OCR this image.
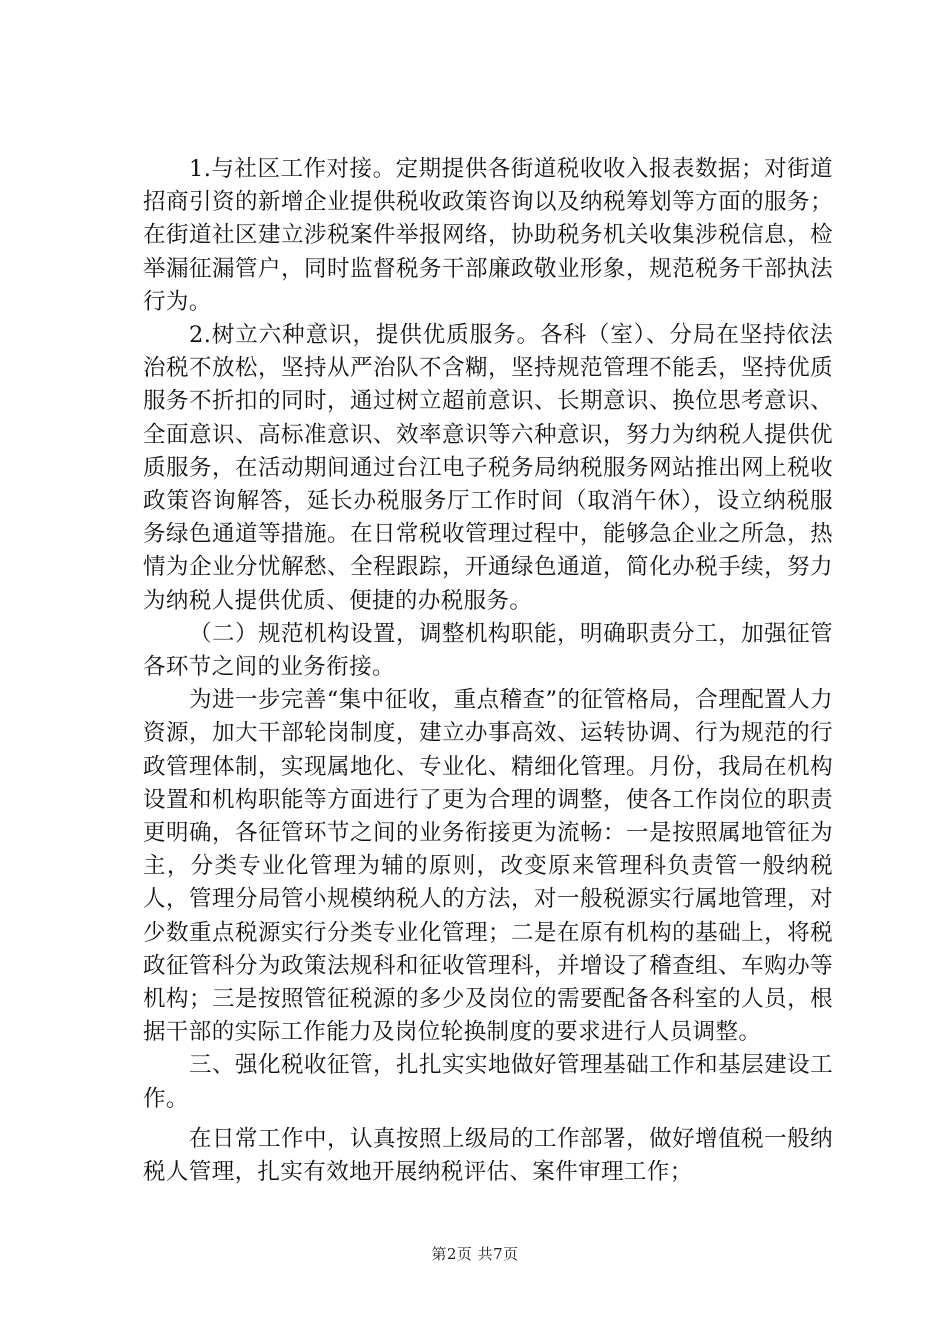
1.与社区工作对接。定期提供各街道税收收入报表数据；对街道招商引资的新增企业提供税收政策咨询以及纳税筹划等方面的服务；在街道社区建立涉税案件举报网络，协助税务机关收集涉税信息，检举漏征漏管户，同时监督税务干部廉政敬业形象，规范税务干部执法行为。

2.树立六种意识，提供优质服务。各科（室）、分局在坚持依法治税不放松，坚持从严治队不含糊，坚持规范管理不能丢，坚持优质服务不折扣的同时，通过树立超前意识、长期意识、换位思考意识、全面意识、高标准意识、效率意识等六种意识，努力为纳税人提供优质服务，在活动期间通过台江电子税务局纳税服务网站推出网上税收政策咨询解答，延长办税服务厅工作时间（取消午休），设立纳税服务绿色通道等措施。在日常税收管理过程中，能够急企业之所急，热情为企业分忧解愁、全程跟踪，开通绿色通道，简化办税手续，努力为纳税人提供优质、便捷的办税服务。

（二）规范机构设置，调整机构职能，明确职责分工，加强征管各环节之间的业务衔接。

为进一步完善“集中征收，重点稽查”的征管格局，合理配置人力资源，加大干部轮岗制度，建立办事高效、运转协调、行为规范的行政管理体制，实现属地化、专业化、精细化管理。月份，我局在机构设置和机构职能等方面进行了更为合理的调整，使各工作岗位的职责更明确，各征管环节之间的业务衔接更为流畅：一是按照属地管征为主，分类专业化管理为辅的原则，改变原来管理科负责管一般纳税人，管理分局管小规模纳税人的方法，对一般税源实行属地管理，对少数重点税源实行分类专业化管理；二是在原有机构的基础上，将税政征管科分为政策法规科和征收管理科，并增设了稽查组、车购办等机构；三是按照管征税源的多少及岗位的需要配备各科室的人员，根据干部的实际工作能力及岗位轮换制度的要求进行人员调整。

三、强化税收征管，扎扎实实地做好管理基础工作和基层建设工作。

在日常工作中，认真按照上级局的工作部署，做好增值税一般纳税人管理，扎实有效地开展纳税评估、案件审理工作；

第2页 共7页
